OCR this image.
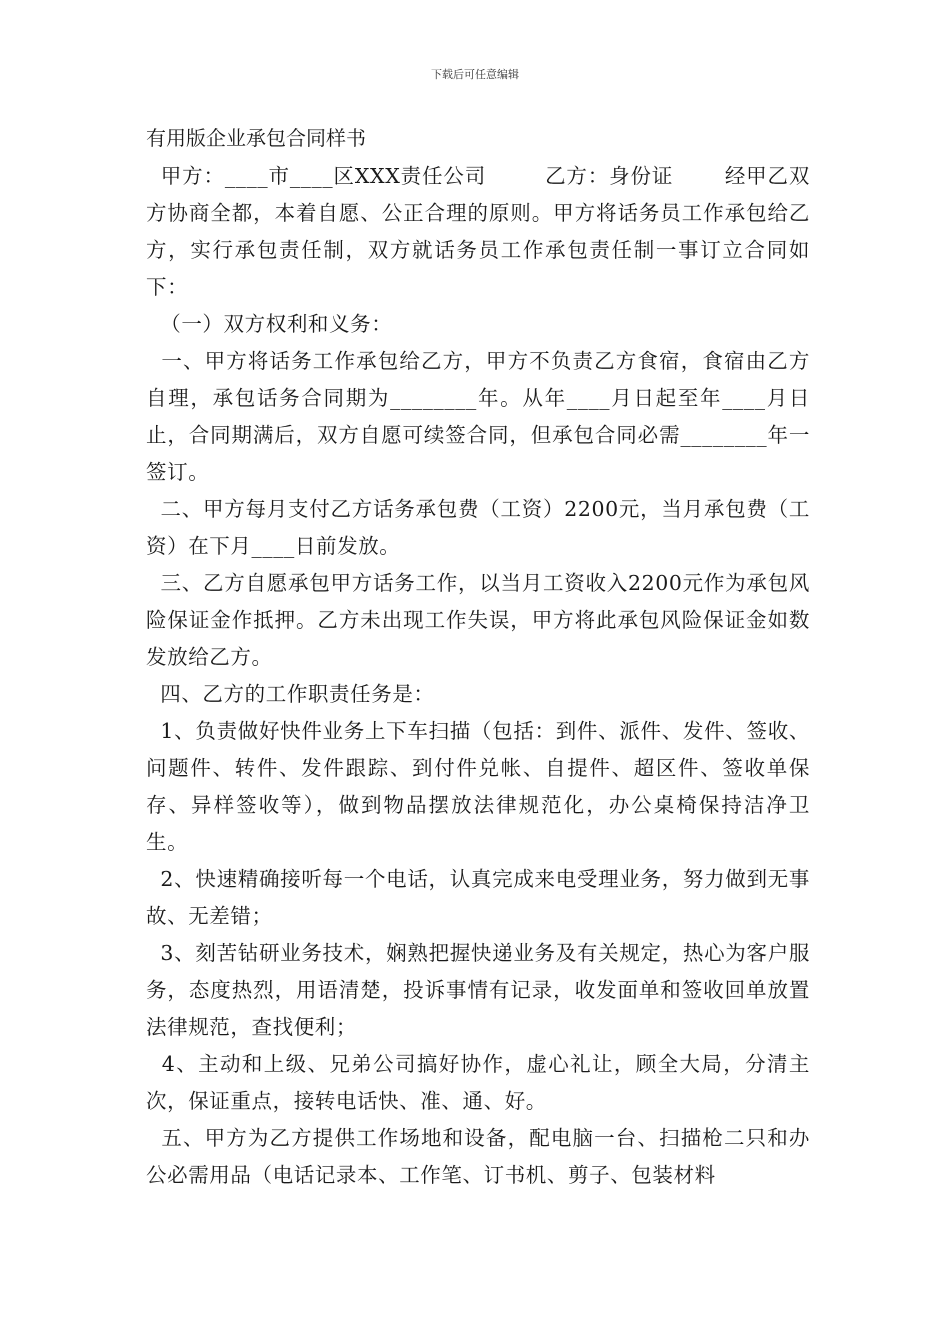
下载后可任意编辑
有用版企业承包合同样书

甲方：____市____区XXX责任公司        乙方：身份证       经甲乙双方协商全都，本着自愿、公正合理的原则。甲方将话务员工作承包给乙方，实行承包责任制，双方就话务员工作承包责任制一事订立合同如下：

（一）双方权利和义务：

一、甲方将话务工作承包给乙方，甲方不负责乙方食宿，食宿由乙方自理，承包话务合同期为________年。从年____月日起至年____月日止，合同期满后，双方自愿可续签合同，但承包合同必需________年一签订。

二、甲方每月支付乙方话务承包费（工资）2200元，当月承包费（工资）在下月____日前发放。

三、乙方自愿承包甲方话务工作，以当月工资收入2200元作为承包风险保证金作抵押。乙方未出现工作失误，甲方将此承包风险保证金如数发放给乙方。

四、乙方的工作职责任务是：

1、负责做好快件业务上下车扫描（包括：到件、派件、发件、签收、问题件、转件、发件跟踪、到付件兑帐、自提件、超区件、签收单保存、异样签收等），做到物品摆放法律规范化，办公桌椅保持洁净卫生。

2、快速精确接听每一个电话，认真完成来电受理业务，努力做到无事故、无差错；

3、刻苦钻研业务技术，娴熟把握快递业务及有关规定，热心为客户服务，态度热烈，用语清楚，投诉事情有记录，收发面单和签收回单放置法律规范，查找便利；

4、主动和上级、兄弟公司搞好协作，虚心礼让，顾全大局，分清主次，保证重点，接转电话快、准、通、好。

五、甲方为乙方提供工作场地和设备，配电脑一台、扫描枪二只和办公必需用品（电话记录本、工作笔、订书机、剪子、包装材料
